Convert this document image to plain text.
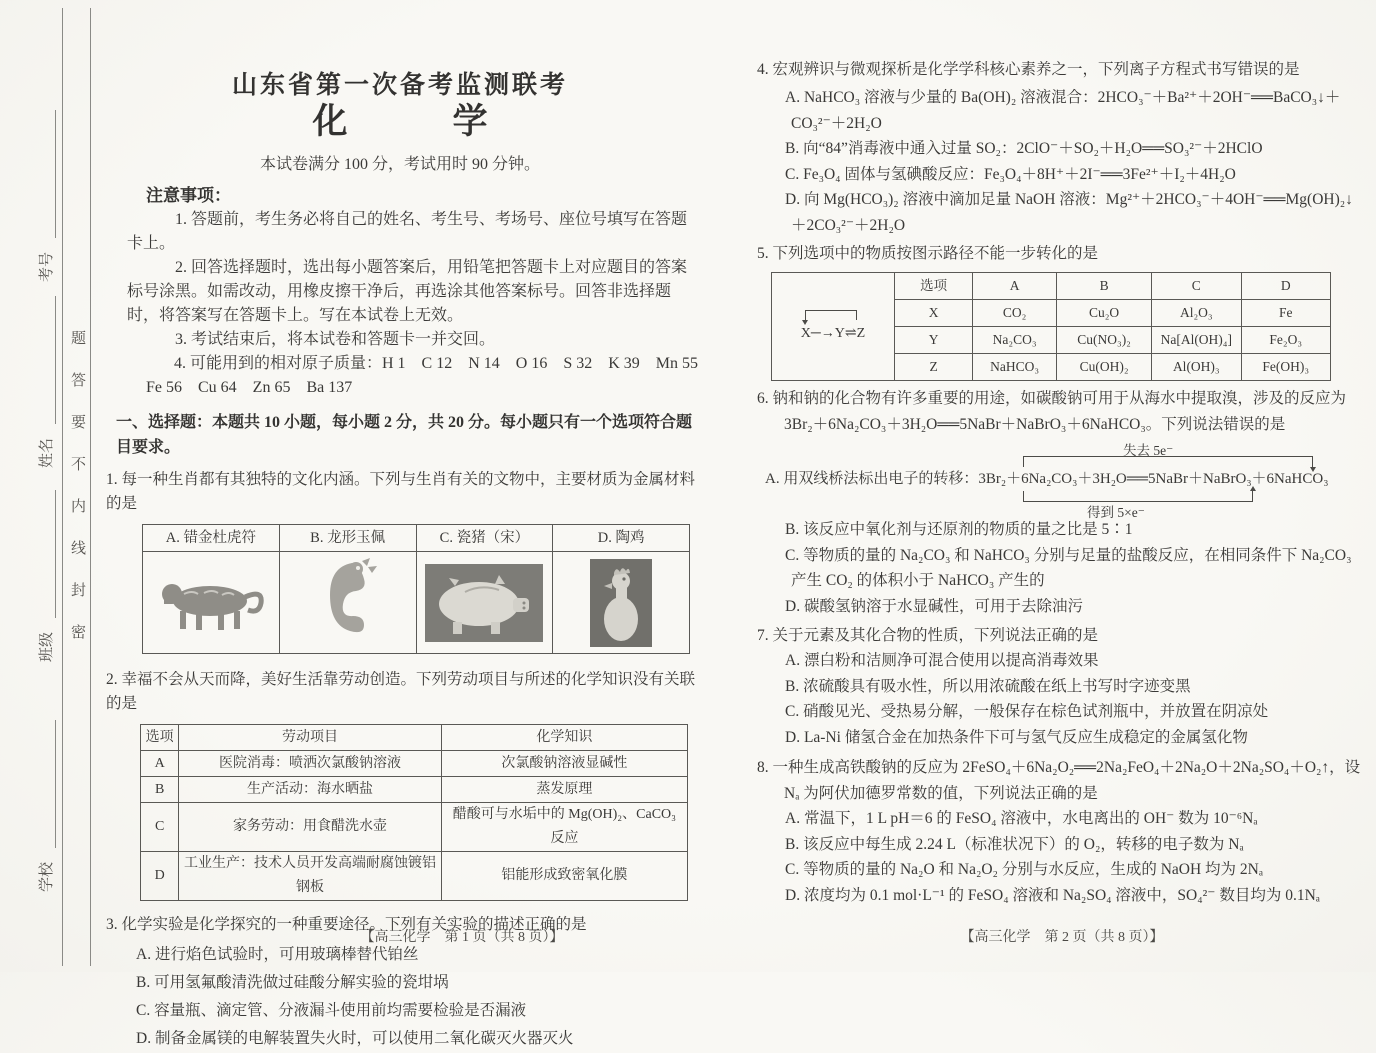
题答要不内线封密
考号
姓名
班级
学校
山东省第一次备考监测联考
化　　　学
本试卷满分 100 分，考试用时 90 分钟。
注意事项：
1. 答题前，考生务必将自己的姓名、考生号、考场号、座位号填写在答题卡上。
2. 回答选择题时，选出每小题答案后，用铅笔把答题卡上对应题目的答案标号涂黑。如需改动，用橡皮擦干净后，再选涂其他答案标号。回答非选择题时，将答案写在答题卡上。写在本试卷上无效。
3. 考试结束后，将本试卷和答题卡一并交回。
4. 可能用到的相对原子质量：H 1　C 12　N 14　O 16　S 32　K 39　Mn 55　Fe 56　Cu 64　Zn 65　Ba 137
一、选择题：本题共 10 小题，每小题 2 分，共 20 分。每小题只有一个选项符合题目要求。
1. 每一种生肖都有其独特的文化内涵。下列与生肖有关的文物中，主要材质为金属材料的是
A. 错金杜虎符	B. 龙形玉佩	C. 瓷猪（宋）	D. 陶鸡

2. 幸福不会从天而降，美好生活靠劳动创造。下列劳动项目与所述的化学知识没有关联的是
选项	劳动项目	化学知识
A	医院消毒：喷洒次氯酸钠溶液	次氯酸钠溶液显碱性
B	生产活动：海水晒盐	蒸发原理
C	家务劳动：用食醋洗水壶	醋酸可与水垢中的 Mg(OH)₂、CaCO₃ 反应
D	工业生产：技术人员开发高端耐腐蚀镀铝钢板	铝能形成致密氧化膜
3. 化学实验是化学探究的一种重要途径。下列有关实验的描述正确的是
A. 进行焰色试验时，可用玻璃棒替代铂丝
B. 可用氢氟酸清洗做过硅酸分解实验的瓷坩埚
C. 容量瓶、滴定管、分液漏斗使用前均需要检验是否漏液
D. 制备金属镁的电解装置失火时，可以使用二氧化碳灭火器灭火
【高三化学　第 1 页（共 8 页）】
4. 宏观辨识与微观探析是化学学科核心素养之一，下列离子方程式书写错误的是
A. NaHCO₃ 溶液与少量的 Ba(OH)₂ 溶液混合：2HCO₃⁻＋Ba²⁺＋2OH⁻══BaCO₃↓＋CO₃²⁻＋2H₂O
B. 向“84”消毒液中通入过量 SO₂：2ClO⁻＋SO₂＋H₂O══SO₃²⁻＋2HClO
C. Fe₃O₄ 固体与氢碘酸反应：Fe₃O₄＋8H⁺＋2I⁻══3Fe²⁺＋I₂＋4H₂O
D. 向 Mg(HCO₃)₂ 溶液中滴加足量 NaOH 溶液：Mg²⁺＋2HCO₃⁻＋4OH⁻══Mg(OH)₂↓＋2CO₃²⁻＋2H₂O
5. 下列选项中的物质按图示路径不能一步转化的是
X─→Y⇌Z	选项	A	B	C	D
	X	CO₂	Cu₂O	Al₂O₃	Fe
	Y	Na₂CO₃	Cu(NO₃)₂	Na[Al(OH)₄]	Fe₂O₃
	Z	NaHCO₃	Cu(OH)₂	Al(OH)₃	Fe(OH)₃
6. 钠和钠的化合物有许多重要的用途，如碳酸钠可用于从海水中提取溴，涉及的反应为 3Br₂＋6Na₂CO₃＋3H₂O══5NaBr＋NaBrO₃＋6NaHCO₃。下列说法错误的是
失去 5e⁻
A. 用双线桥法标出电子的转移：3Br₂＋6Na₂CO₃＋3H₂O══5NaBr＋NaBrO₃＋6NaHCO₃
得到 5×e⁻
B. 该反应中氧化剂与还原剂的物质的量之比是 5∶1
C. 等物质的量的 Na₂CO₃ 和 NaHCO₃ 分别与足量的盐酸反应，在相同条件下 Na₂CO₃ 产生 CO₂ 的体积小于 NaHCO₃ 产生的
D. 碳酸氢钠溶于水显碱性，可用于去除油污
7. 关于元素及其化合物的性质，下列说法正确的是
A. 漂白粉和洁厕净可混合使用以提高消毒效果
B. 浓硫酸具有吸水性，所以用浓硫酸在纸上书写时字迹变黑
C. 硝酸见光、受热易分解，一般保存在棕色试剂瓶中，并放置在阴凉处
D. La-Ni 储氢合金在加热条件下可与氢气反应生成稳定的金属氢化物
8. 一种生成高铁酸钠的反应为 2FeSO₄＋6Na₂O₂══2Na₂FeO₄＋2Na₂O＋2Na₂SO₄＋O₂↑，设 Nₐ 为阿伏加德罗常数的值，下列说法正确的是
A. 常温下，1 L pH＝6 的 FeSO₄ 溶液中，水电离出的 OH⁻ 数为 10⁻⁶Nₐ
B. 该反应中每生成 2.24 L（标准状况下）的 O₂，转移的电子数为 Nₐ
C. 等物质的量的 Na₂O 和 Na₂O₂ 分别与水反应，生成的 NaOH 均为 2Nₐ
D. 浓度均为 0.1 mol·L⁻¹ 的 FeSO₄ 溶液和 Na₂SO₄ 溶液中，SO₄²⁻ 数目均为 0.1Nₐ
【高三化学　第 2 页（共 8 页）】
